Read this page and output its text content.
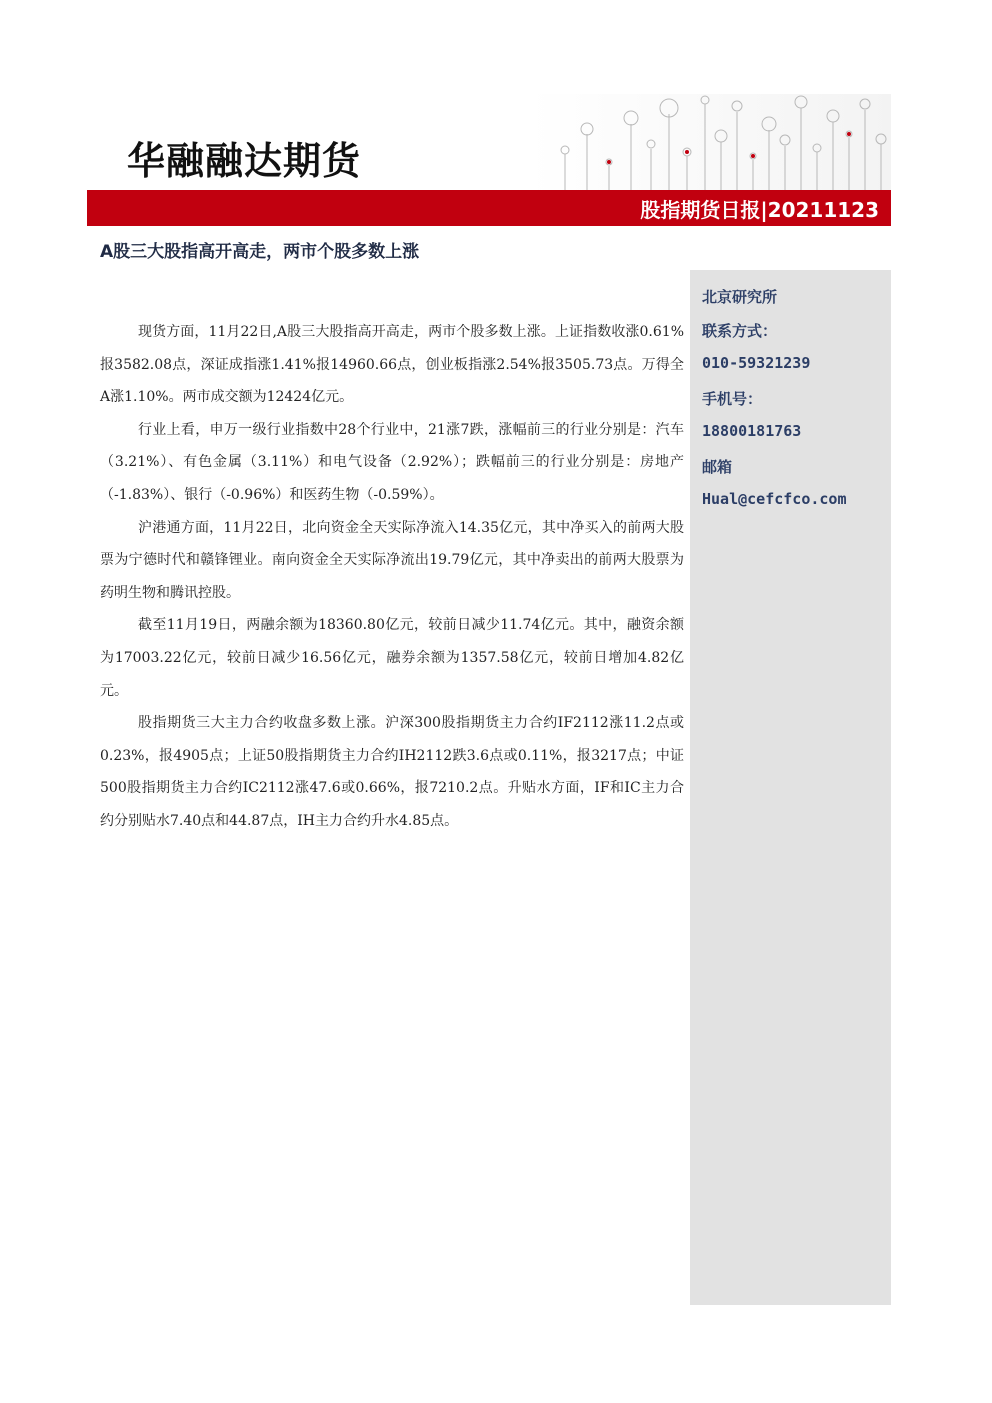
华融融达期货
股指期货日报|20211123
A股三大股指高开高走，两市个股多数上涨
北京研究所
联系方式：
010-59321239
手机号：
18800181763
邮箱
Hual@cefcfco.com

现货方面，11月22日,A股三大股指高开高走，两市个股多数上涨。上证指数收涨0.61%报3582.08点，深证成指涨1.41%报14960.66点，创业板指涨2.54%报3505.73点。万得全A涨1.10%。两市成交额为12424亿元。

行业上看，申万一级行业指数中28个行业中，21涨7跌，涨幅前三的行业分别是：汽车（3.21%）、有色金属（3.11%）和电气设备（2.92%）；跌幅前三的行业分别是：房地产（-1.83%）、银行（-0.96%）和医药生物（-0.59%）。

沪港通方面，11月22日，北向资金全天实际净流入14.35亿元，其中净买入的前两大股票为宁德时代和赣锋锂业。南向资金全天实际净流出19.79亿元，其中净卖出的前两大股票为药明生物和腾讯控股。

截至11月19日，两融余额为18360.80亿元，较前日减少11.74亿元。其中，融资余额为17003.22亿元，较前日减少16.56亿元，融券余额为1357.58亿元，较前日增加4.82亿元。

股指期货三大主力合约收盘多数上涨。沪深300股指期货主力合约IF2112涨11.2点或0.23%，报4905点；上证50股指期货主力合约IH2112跌3.6点或0.11%，报3217点；中证500股指期货主力合约IC2112涨47.6或0.66%，报7210.2点。升贴水方面，IF和IC主力合约分别贴水7.40点和44.87点，IH主力合约升水4.85点。
